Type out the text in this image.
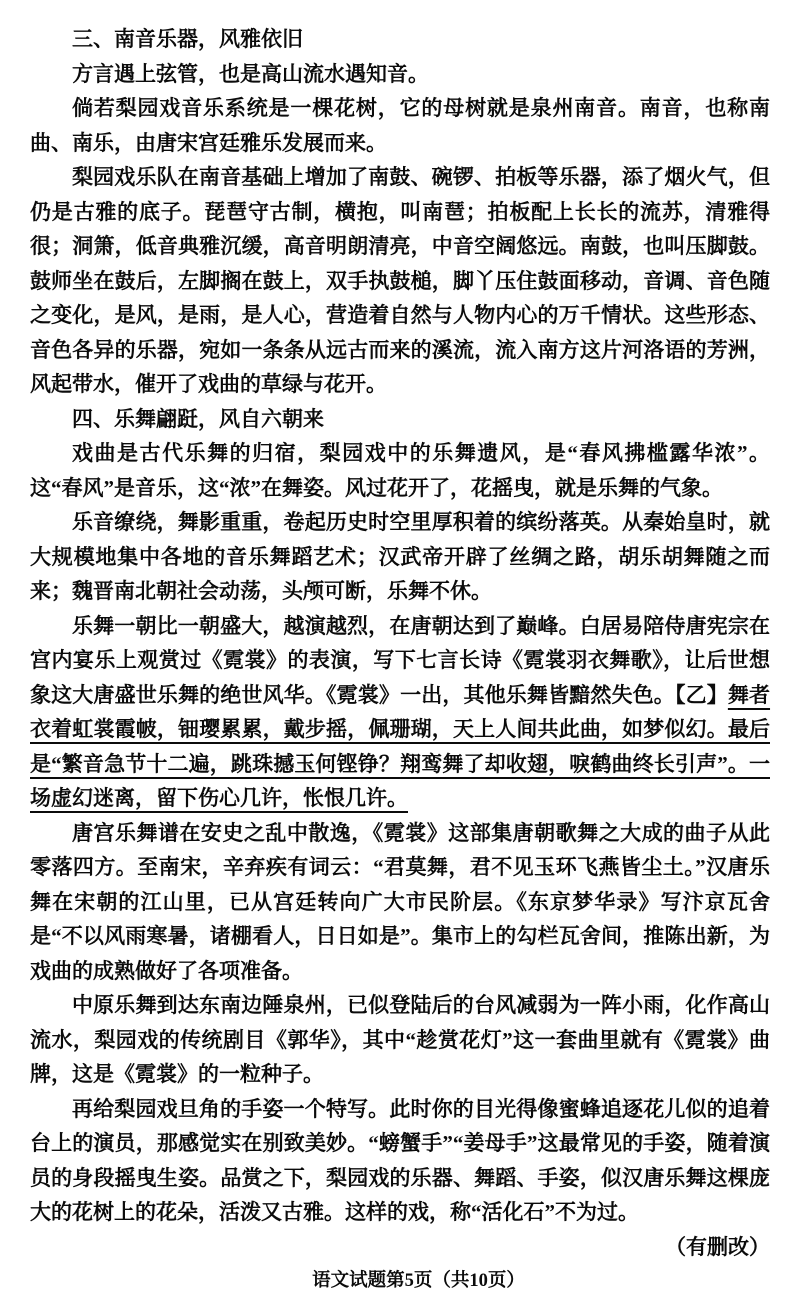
三、南音乐器，风雅依旧

方言遇上弦管，也是高山流水遇知音。

倘若梨园戏音乐系统是一棵花树，它的母树就是泉州南音。南音，也称南曲、南乐，由唐宋宫廷雅乐发展而来。

梨园戏乐队在南音基础上增加了南鼓、碗锣、拍板等乐器，添了烟火气，但仍是古雅的底子。琵琶守古制，横抱，叫南琶；拍板配上长长的流苏，清雅得很；洞箫，低音典雅沉缓，高音明朗清亮，中音空阔悠远。南鼓，也叫压脚鼓。鼓师坐在鼓后，左脚搁在鼓上，双手执鼓槌，脚丫压住鼓面移动，音调、音色随之变化，是风，是雨，是人心，营造着自然与人物内心的万千情状。这些形态、音色各异的乐器，宛如一条条从远古而来的溪流，流入南方这片河洛语的芳洲，风起带水，催开了戏曲的草绿与花开。

四、乐舞翩跹，风自六朝来

戏曲是古代乐舞的归宿，梨园戏中的乐舞遗风，是“春风拂槛露华浓”。这“春风”是音乐，这“浓”在舞姿。风过花开了，花摇曳，就是乐舞的气象。

乐音缭绕，舞影重重，卷起历史时空里厚积着的缤纷落英。从秦始皇时，就大规模地集中各地的音乐舞蹈艺术；汉武帝开辟了丝绸之路，胡乐胡舞随之而来；魏晋南北朝社会动荡，头颅可断，乐舞不休。

乐舞一朝比一朝盛大，越演越烈，在唐朝达到了巅峰。白居易陪侍唐宪宗在宫内宴乐上观赏过《霓裳》的表演，写下七言长诗《霓裳羽衣舞歌》，让后世想象这大唐盛世乐舞的绝世风华。《霓裳》一出，其他乐舞皆黯然失色。【乙】舞者衣着虹裳霞帔，钿璎累累，戴步摇，佩珊瑚，天上人间共此曲，如梦似幻。最后是“繁音急节十二遍，跳珠撼玉何铿铮？翔鸾舞了却收翅，唳鹤曲终长引声”。一场虚幻迷离，留下伤心几许，怅恨几许。

唐宫乐舞谱在安史之乱中散逸，《霓裳》这部集唐朝歌舞之大成的曲子从此零落四方。至南宋，辛弃疾有词云：“君莫舞，君不见玉环飞燕皆尘土。”汉唐乐舞在宋朝的江山里，已从宫廷转向广大市民阶层。《东京梦华录》写汴京瓦舍是“不以风雨寒暑，诸棚看人，日日如是”。集市上的勾栏瓦舍间，推陈出新，为戏曲的成熟做好了各项准备。

中原乐舞到达东南边陲泉州，已似登陆后的台风减弱为一阵小雨，化作高山流水，梨园戏的传统剧目《郭华》，其中“趁赏花灯”这一套曲里就有《霓裳》曲牌，这是《霓裳》的一粒种子。

再给梨园戏旦角的手姿一个特写。此时你的目光得像蜜蜂追逐花儿似的追着台上的演员，那感觉实在别致美妙。“螃蟹手”“姜母手”这最常见的手姿，随着演员的身段摇曳生姿。品赏之下，梨园戏的乐器、舞蹈、手姿，似汉唐乐舞这棵庞大的花树上的花朵，活泼又古雅。这样的戏，称“活化石”不为过。

（有删改）

语文试题第5页（共10页）
